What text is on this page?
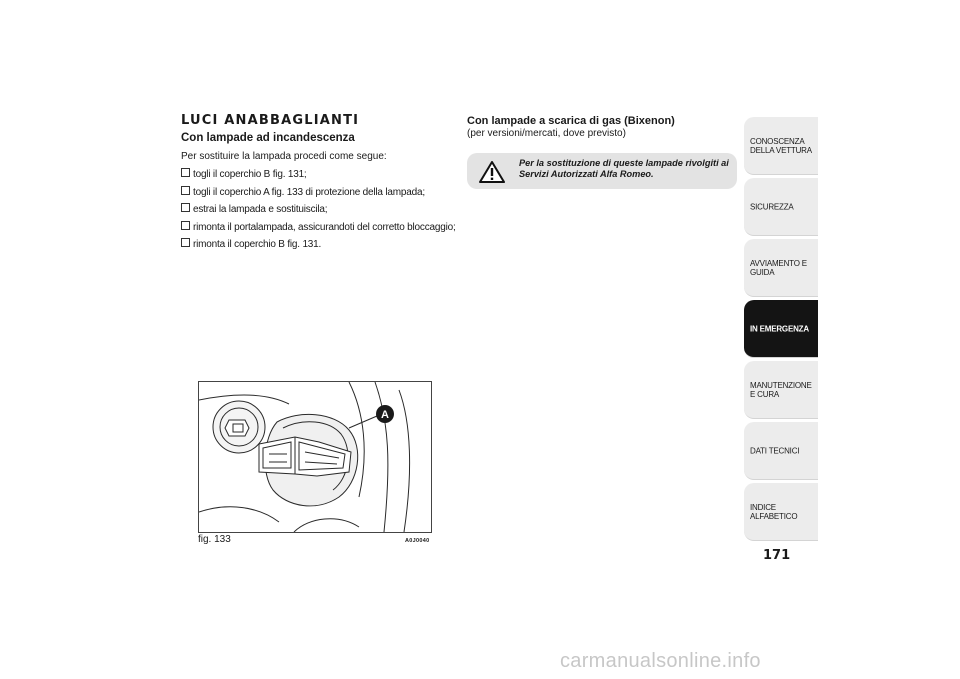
LUCI ANABBAGLIANTI
Con lampade ad incandescenza
Per sostituire la lampada procedi come segue:
togli il coperchio B fig. 131;
togli il coperchio A fig. 133 di protezione della lampada;
estrai la lampada e sostituiscila;
rimonta il portalampada, assicurandoti del corretto bloccaggio;
rimonta il coperchio B fig. 131.
A
fig. 133	A0J0040
Con lampade a scarica di gas (Bixenon)
(per versioni/mercati, dove previsto)
Per la sostituzione di queste lampade rivolgiti ai Servizi Autorizzati Alfa Romeo.
CONOSCENZA DELLA VETTURA
SICUREZZA
AVVIAMENTO E GUIDA
IN EMERGENZA
MANUTENZIONE E CURA
DATI TECNICI
INDICE ALFABETICO
171
carmanualsonline.info
